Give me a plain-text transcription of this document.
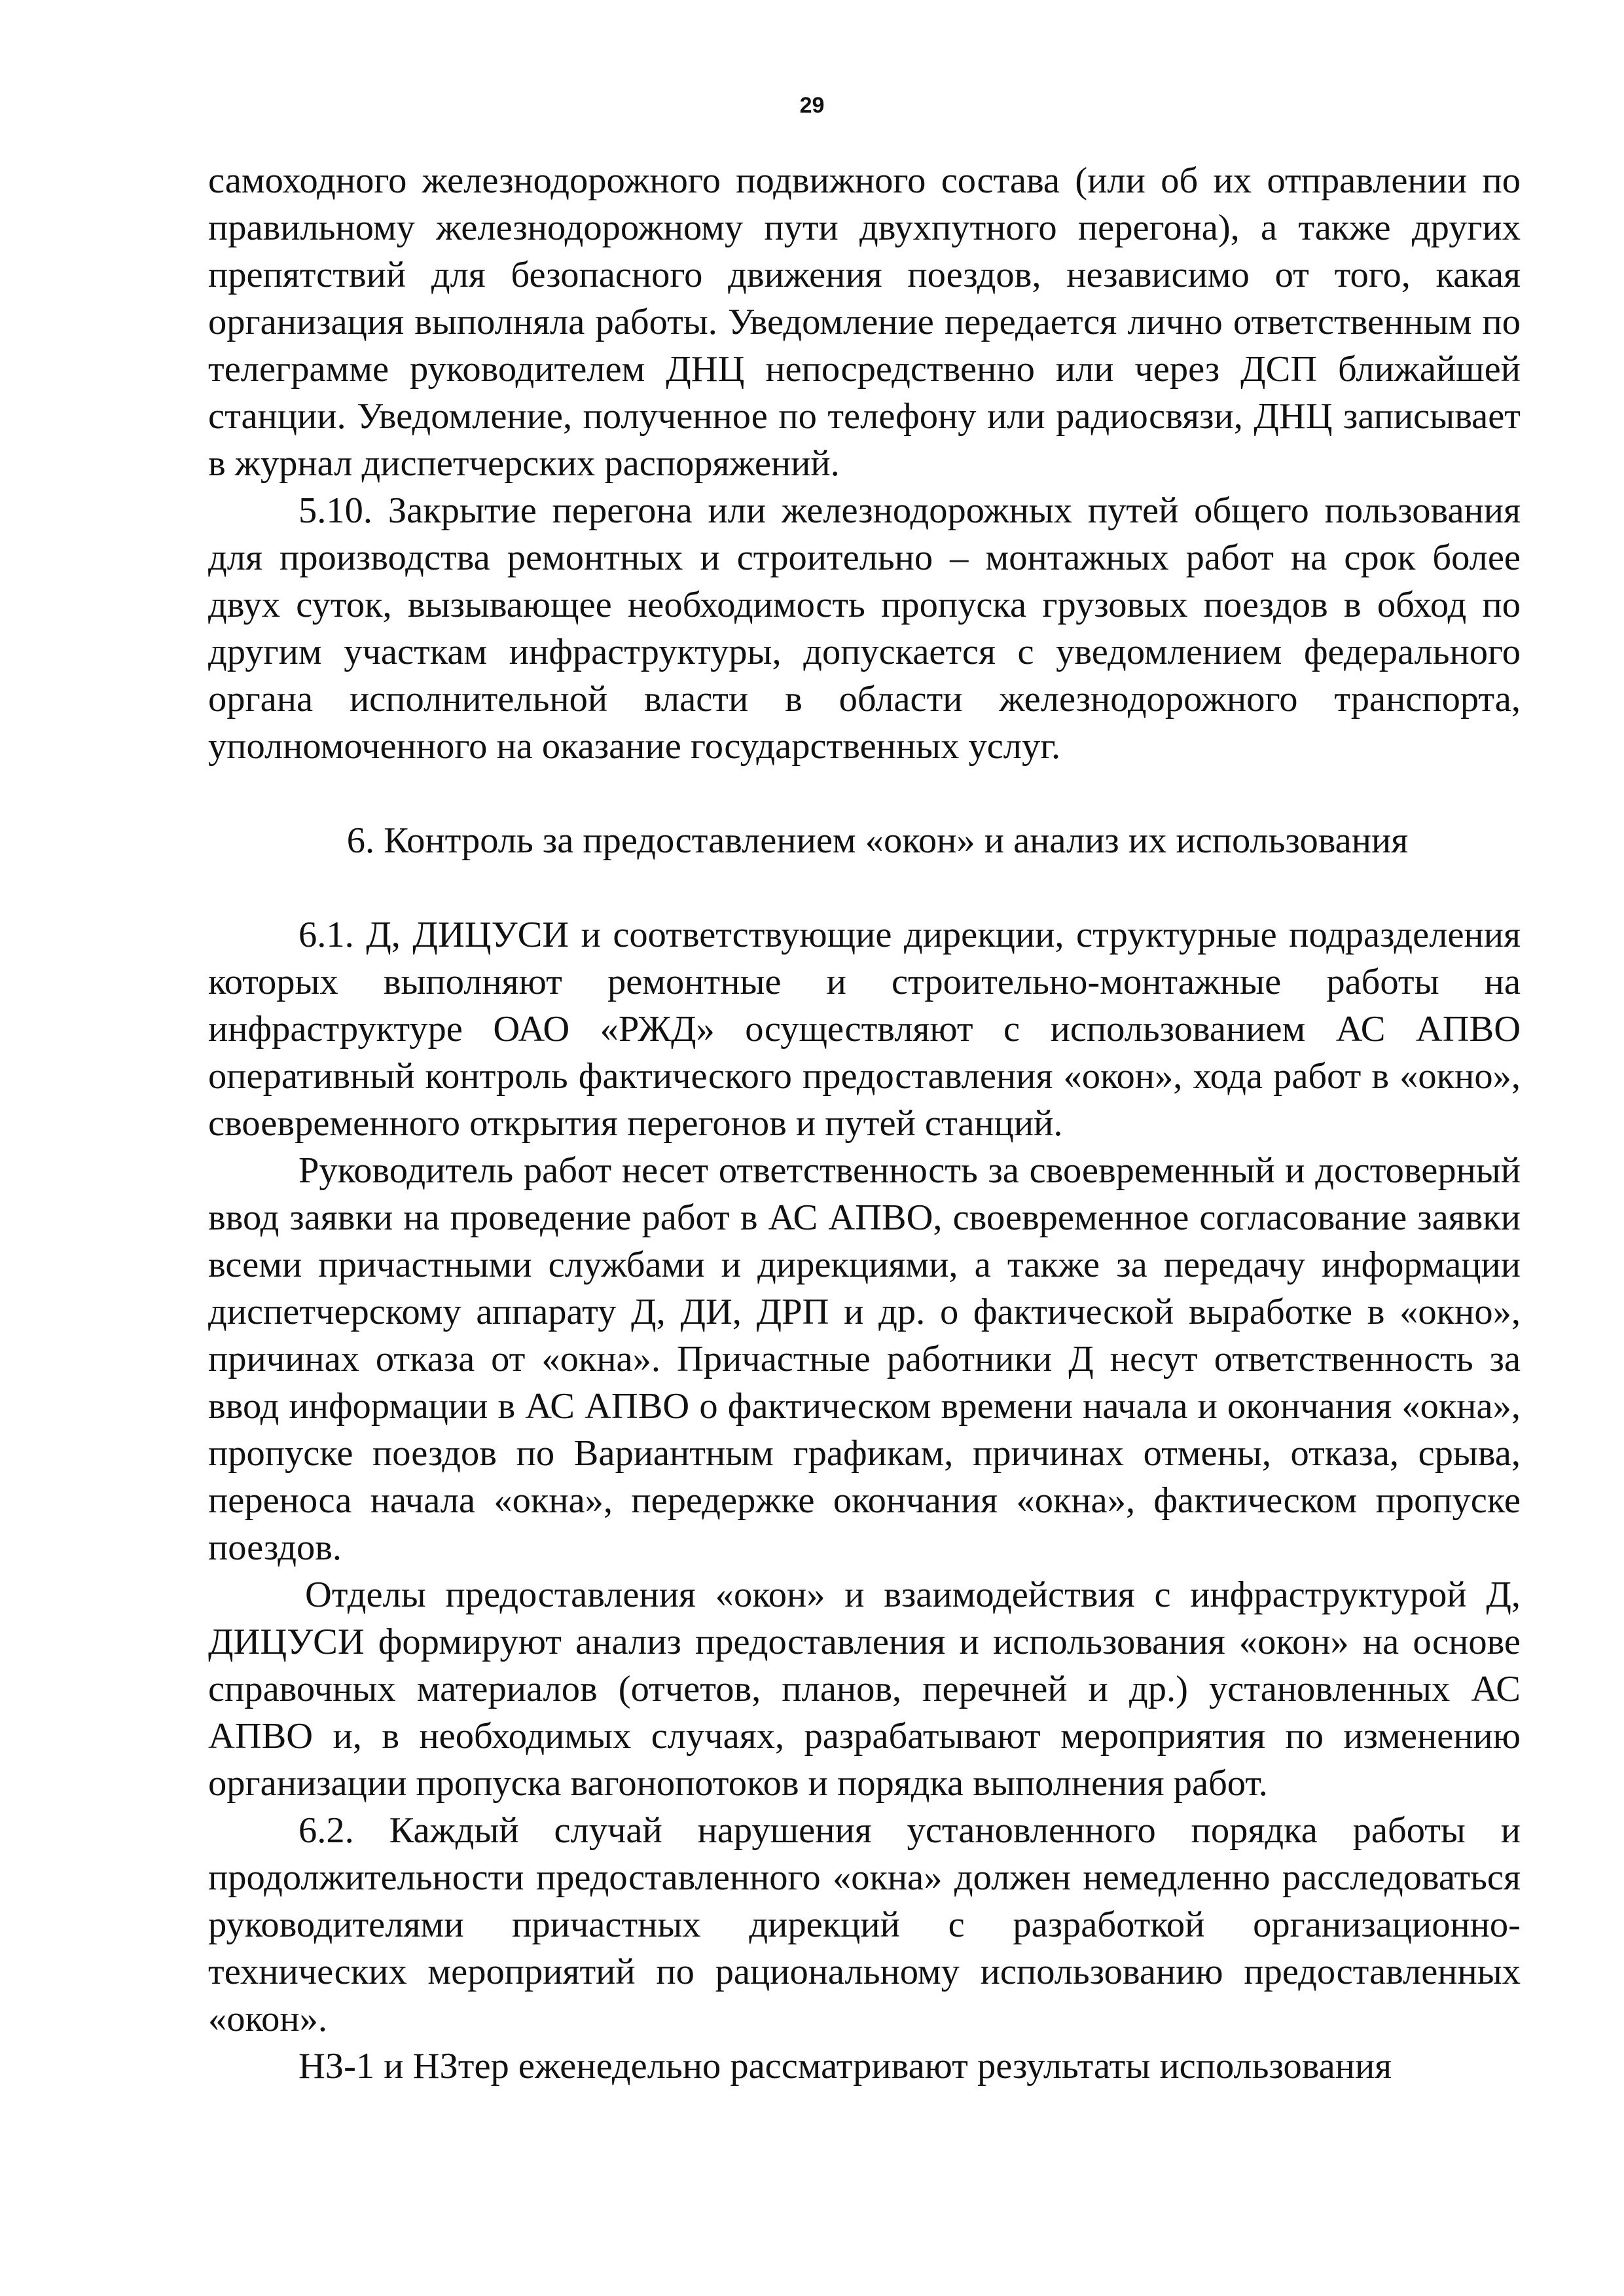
29

самоходного железнодорожного подвижного состава (или об их отправлении по правильному железнодорожному пути двухпутного перегона), а также других препятствий для безопасного движения поездов, независимо от того, какая организация выполняла работы. Уведомление передается лично ответственным по телеграмме руководителем ДНЦ непосредственно или через ДСП ближайшей станции. Уведомление, полученное по телефону или радиосвязи, ДНЦ записывает в журнал диспетчерских распоряжений.

5.10. Закрытие перегона или железнодорожных путей общего пользования для производства ремонтных и строительно – монтажных работ на срок более двух суток, вызывающее необходимость пропуска грузовых поездов в обход по другим участкам инфраструктуры, допускается с уведомлением федерального органа исполнительной власти в области железнодорожного транспорта, уполномоченного на оказание государственных услуг.

6. Контроль за предоставлением «окон» и анализ их использования

6.1. Д, ДИЦУСИ и соответствующие дирекции, структурные подразделения которых выполняют ремонтные и строительно-монтажные работы на инфраструктуре ОАО «РЖД» осуществляют с использованием АС АПВО оперативный контроль фактического предоставления «окон», хода работ в «окно», своевременного открытия перегонов и путей станций.

Руководитель работ несет ответственность за своевременный и достоверный ввод заявки на проведение работ в АС АПВО, своевременное согласование заявки всеми причастными службами и дирекциями, а также за передачу информации диспетчерскому аппарату Д, ДИ, ДРП и др. о фактической выработке в «окно», причинах отказа от «окна». Причастные работники Д несут ответственность за ввод информации в АС АПВО о фактическом времени начала и окончания «окна», пропуске поездов по Вариантным графикам, причинах отмены, отказа, срыва, переноса начала «окна», передержке окончания «окна», фактическом пропуске поездов.

Отделы предоставления «окон» и взаимодействия с инфраструктурой Д, ДИЦУСИ формируют анализ предоставления и использования «окон» на основе справочных материалов (отчетов, планов, перечней и др.) установленных АС АПВО и, в необходимых случаях, разрабатывают мероприятия по изменению организации пропуска вагонопотоков и порядка выполнения работ.

6.2. Каждый случай нарушения установленного порядка работы и продолжительности предоставленного «окна» должен немедленно расследоваться руководителями причастных дирекций с разработкой организационно-технических мероприятий по рациональному использованию предоставленных «окон».

НЗ-1 и НЗтер еженедельно рассматривают результаты использования
